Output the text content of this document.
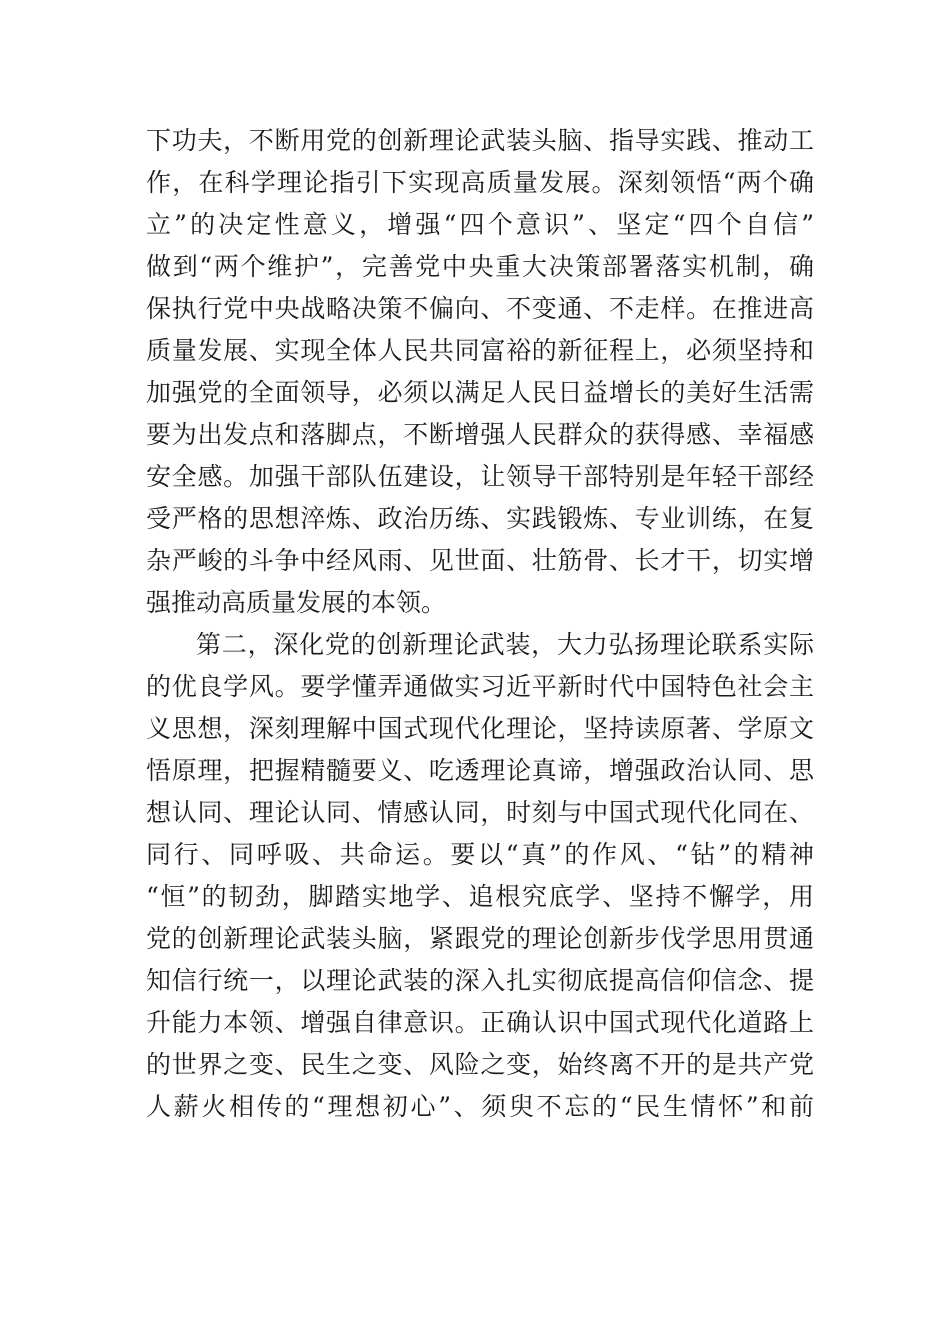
下功夫，不断用党的创新理论武装头脑、指导实践、推动工
作，在科学理论指引下实现高质量发展。深刻领悟“两个确
立”的决定性意义，增强“四个意识”、坚定“四个自信”
做到“两个维护”，完善党中央重大决策部署落实机制，确
保执行党中央战略决策不偏向、不变通、不走样。在推进高
质量发展、实现全体人民共同富裕的新征程上，必须坚持和
加强党的全面领导，必须以满足人民日益增长的美好生活需
要为出发点和落脚点，不断增强人民群众的获得感、幸福感
安全感。加强干部队伍建设，让领导干部特别是年轻干部经
受严格的思想淬炼、政治历练、实践锻炼、专业训练，在复
杂严峻的斗争中经风雨、见世面、壮筋骨、长才干，切实增
强推动高质量发展的本领。
第二，深化党的创新理论武装，大力弘扬理论联系实际
的优良学风。要学懂弄通做实习近平新时代中国特色社会主
义思想，深刻理解中国式现代化理论，坚持读原著、学原文
悟原理，把握精髓要义、吃透理论真谛，增强政治认同、思
想认同、理论认同、情感认同，时刻与中国式现代化同在、
同行、同呼吸、共命运。要以“真”的作风、“钻”的精神
“恒”的韧劲，脚踏实地学、追根究底学、坚持不懈学，用
党的创新理论武装头脑，紧跟党的理论创新步伐学思用贯通
知信行统一，以理论武装的深入扎实彻底提高信仰信念、提
升能力本领、增强自律意识。正确认识中国式现代化道路上
的世界之变、民生之变、风险之变，始终离不开的是共产党
人薪火相传的“理想初心”、须臾不忘的“民生情怀”和前
